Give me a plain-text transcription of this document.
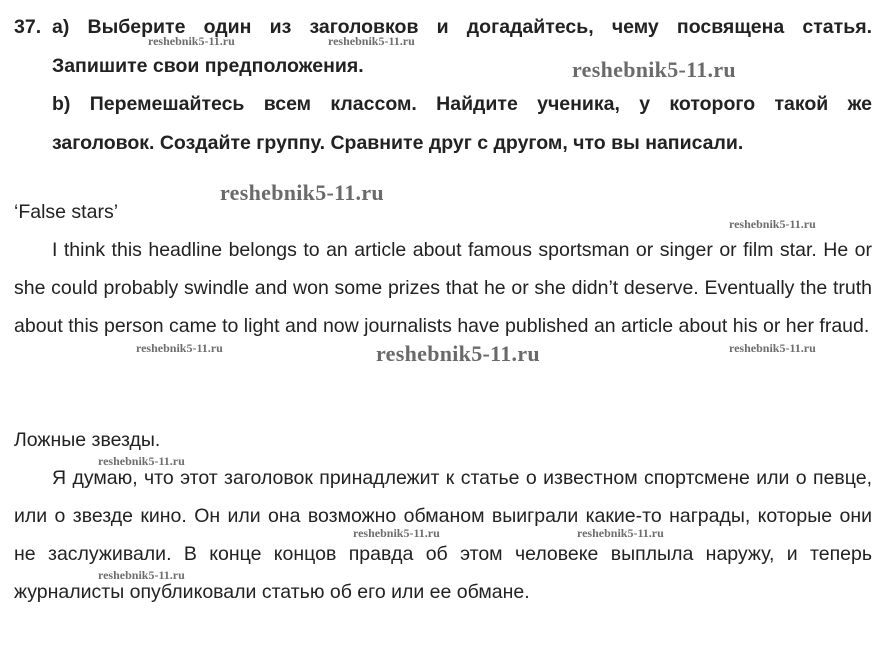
37. a) Выберите один из заголовков и догадайтесь, чему посвящена статья.
Запишите свои предположения.
b) Перемешайтесь всем классом. Найдите ученика, у которого такой же
заголовок. Создайте группу. Сравните друг с другом, что вы написали.
‘False stars’
I think this headline belongs to an article about famous sportsman or singer or film star. He or she could probably swindle and won some prizes that he or she didn’t deserve. Eventually the truth about this person came to light and now journalists have published an article about his or her fraud.
Ложные звезды.
Я думаю, что этот заголовок принадлежит к статье о известном спортсмене или о певце, или о звезде кино. Он или она возможно обманом выиграли какие-то награды, которые они не заслуживали. В конце концов правда об этом человеке выплыла наружу, и теперь журналисты опубликовали статью об его или ее обмане.
reshebnik5-11.ru	reshebnik5-11.ru
reshebnik5-11.ru
reshebnik5-11.ru
reshebnik5-11.ru
reshebnik5-11.ru	reshebnik5-11.ru	reshebnik5-11.ru
reshebnik5-11.ru
reshebnik5-11.ru	reshebnik5-11.ru
reshebnik5-11.ru
